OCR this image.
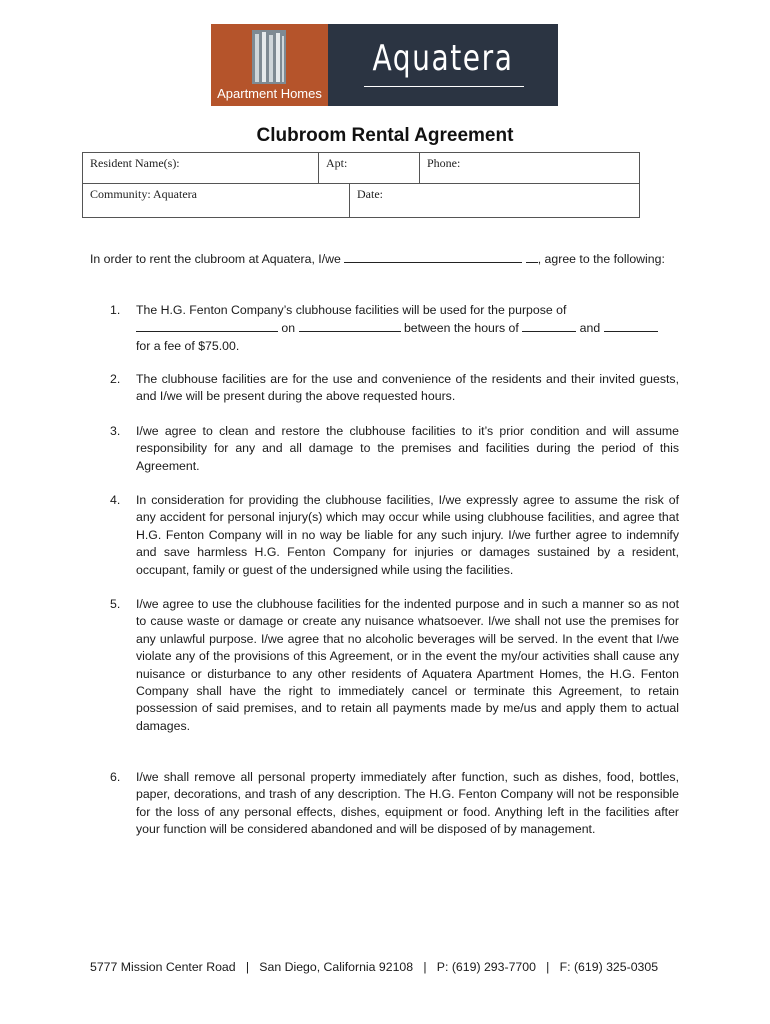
Apartment Homes
Aquatera
Clubroom Rental Agreement
Resident Name(s):	Apt:	Phone:
Community: Aquatera	Date:

In order to rent the clubroom at Aquatera, I/we	, agree to the following:

1. The H.G. Fenton Company’s clubhouse facilities will be used for the purpose of
on	between the hours of	and
for a fee of $75.00.
2. The clubhouse facilities are for the use and convenience of the residents and their invited guests, and I/we will be present during the above requested hours.
3. I/we agree to clean and restore the clubhouse facilities to it’s prior condition and will assume responsibility for any and all damage to the premises and facilities during the period of this Agreement.
4. In consideration for providing the clubhouse facilities, I/we expressly agree to assume the risk of any accident for personal injury(s) which may occur while using clubhouse facilities, and agree that H.G. Fenton Company will in no way be liable for any such injury. I/we further agree to indemnify and save harmless H.G. Fenton Company for injuries or damages sustained by a resident, occupant, family or guest of the undersigned while using the facilities.
5. I/we agree to use the clubhouse facilities for the indented purpose and in such a manner so as not to cause waste or damage or create any nuisance whatsoever. I/we shall not use the premises for any unlawful purpose. I/we agree that no alcoholic beverages will be served. In the event that I/we violate any of the provisions of this Agreement, or in the event the my/our activities shall cause any nuisance or disturbance to any other residents of Aquatera Apartment Homes, the H.G. Fenton Company shall have the right to immediately cancel or terminate this Agreement, to retain possession of said premises, and to retain all payments made by me/us and apply them to actual damages.
6. I/we shall remove all personal property immediately after function, such as dishes, food, bottles, paper, decorations, and trash of any description. The H.G. Fenton Company will not be responsible for the loss of any personal effects, dishes, equipment or food. Anything left in the facilities after your function will be considered abandoned and will be disposed of by management.
5777 Mission Center Road   |   San Diego, California 92108   |   P: (619) 293-7700   |   F: (619) 325-0305
